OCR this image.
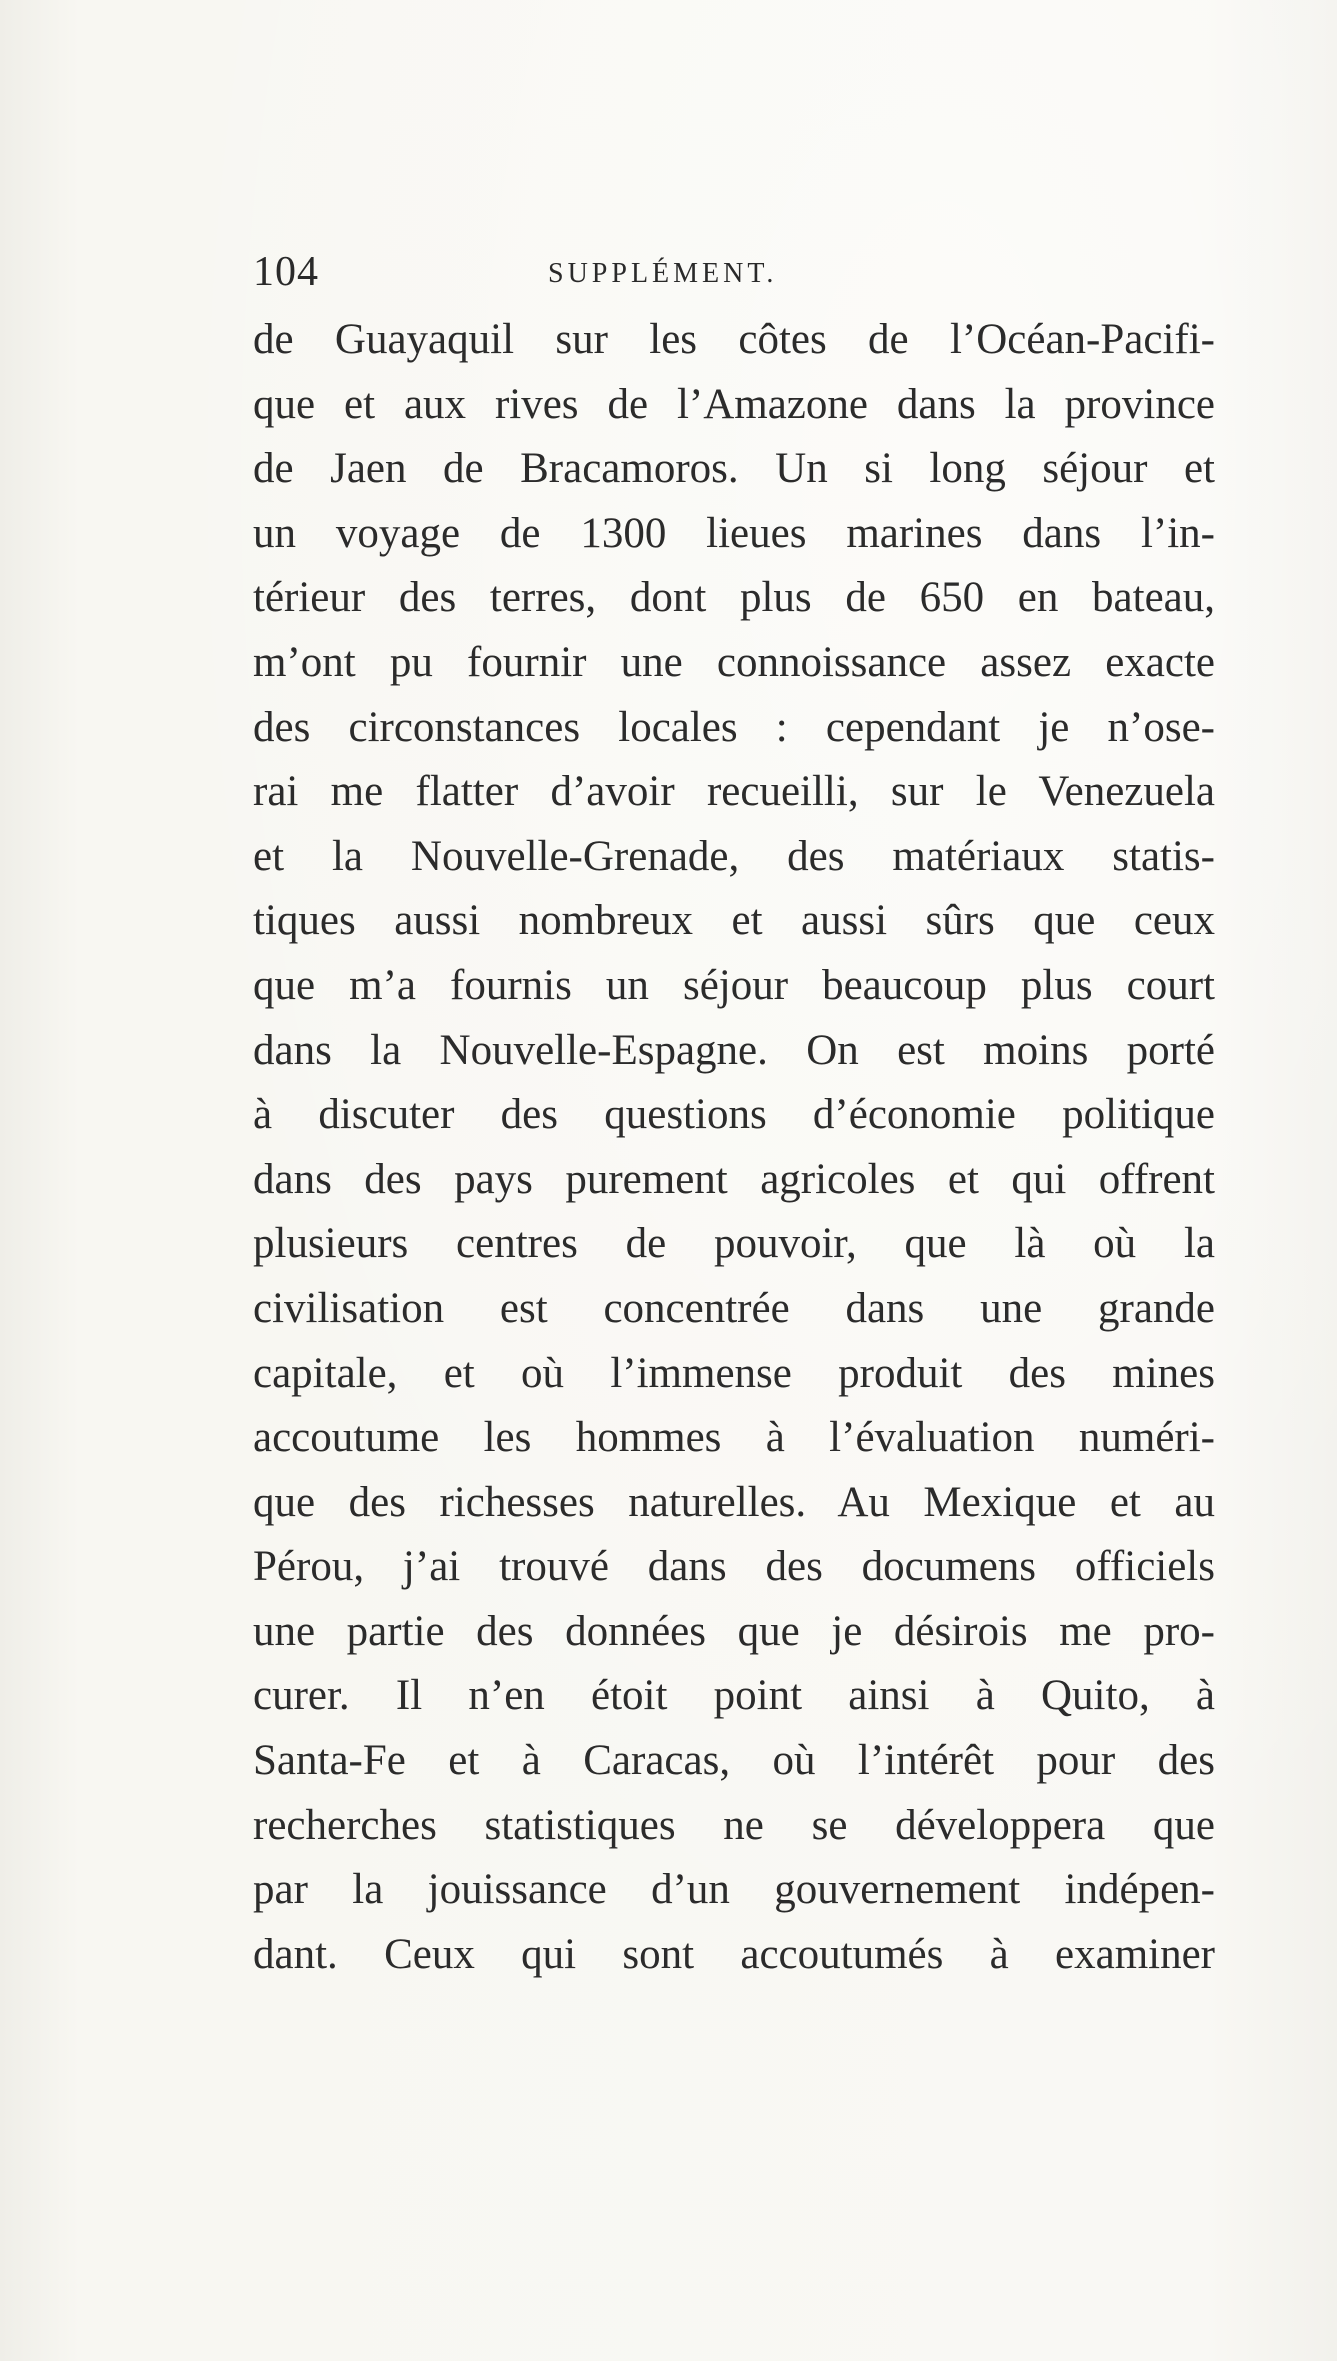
104	SUPPLÉMENT.
de Guayaquil sur les côtes de l’Océan-Pacifi-
que et aux rives de l’Amazone dans la province
de Jaen de Bracamoros. Un si long séjour et
un voyage de 1300 lieues marines dans l’in-
térieur des terres, dont plus de 650 en bateau,
m’ont pu fournir une connoissance assez exacte
des circonstances locales : cependant je n’ose-
rai me flatter d’avoir recueilli, sur le Venezuela
et la Nouvelle-Grenade, des matériaux statis-
tiques aussi nombreux et aussi sûrs que ceux
que m’a fournis un séjour beaucoup plus court
dans la Nouvelle-Espagne. On est moins porté
à discuter des questions d’économie politique
dans des pays purement agricoles et qui offrent
plusieurs centres de pouvoir, que là où la
civilisation est concentrée dans une grande
capitale, et où l’immense produit des mines
accoutume les hommes à l’évaluation numéri-
que des richesses naturelles. Au Mexique et au
Pérou, j’ai trouvé dans des documens officiels
une partie des données que je désirois me pro-
curer. Il n’en étoit point ainsi à Quito, à
Santa-Fe et à Caracas, où l’intérêt pour des
recherches statistiques ne se développera que
par la jouissance d’un gouvernement indépen-
dant. Ceux qui sont accoutumés à examiner
